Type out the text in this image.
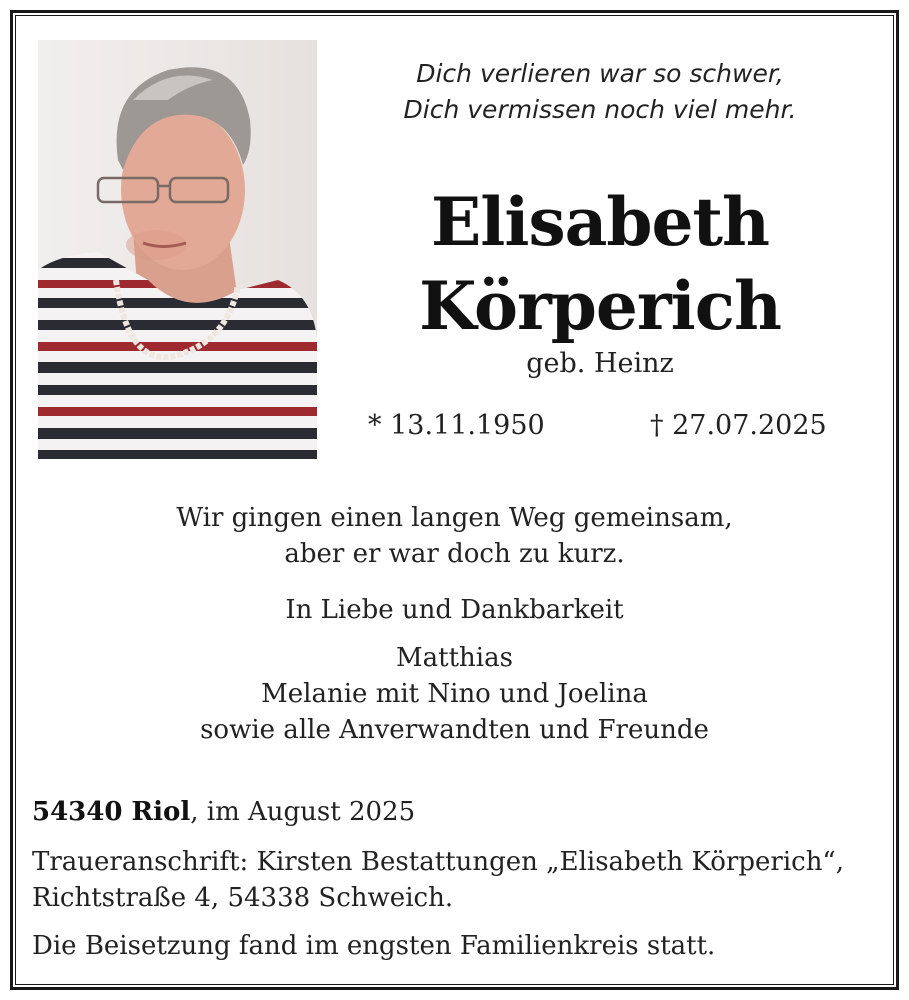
Dich verlieren war so schwer,
Dich vermissen noch viel mehr.
Elisabeth
Körperich
geb. Heinz
* 13.11.1950	† 27.07.2025
Wir gingen einen langen Weg gemeinsam,
aber er war doch zu kurz.
In Liebe und Dankbarkeit
Matthias
Melanie mit Nino und Joelina
sowie alle Anverwandten und Freunde
54340 Riol, im August 2025
Traueranschrift: Kirsten Bestattungen „Elisabeth Körperich“,
Richtstraße 4, 54338 Schweich.
Die Beisetzung fand im engsten Familienkreis statt.
